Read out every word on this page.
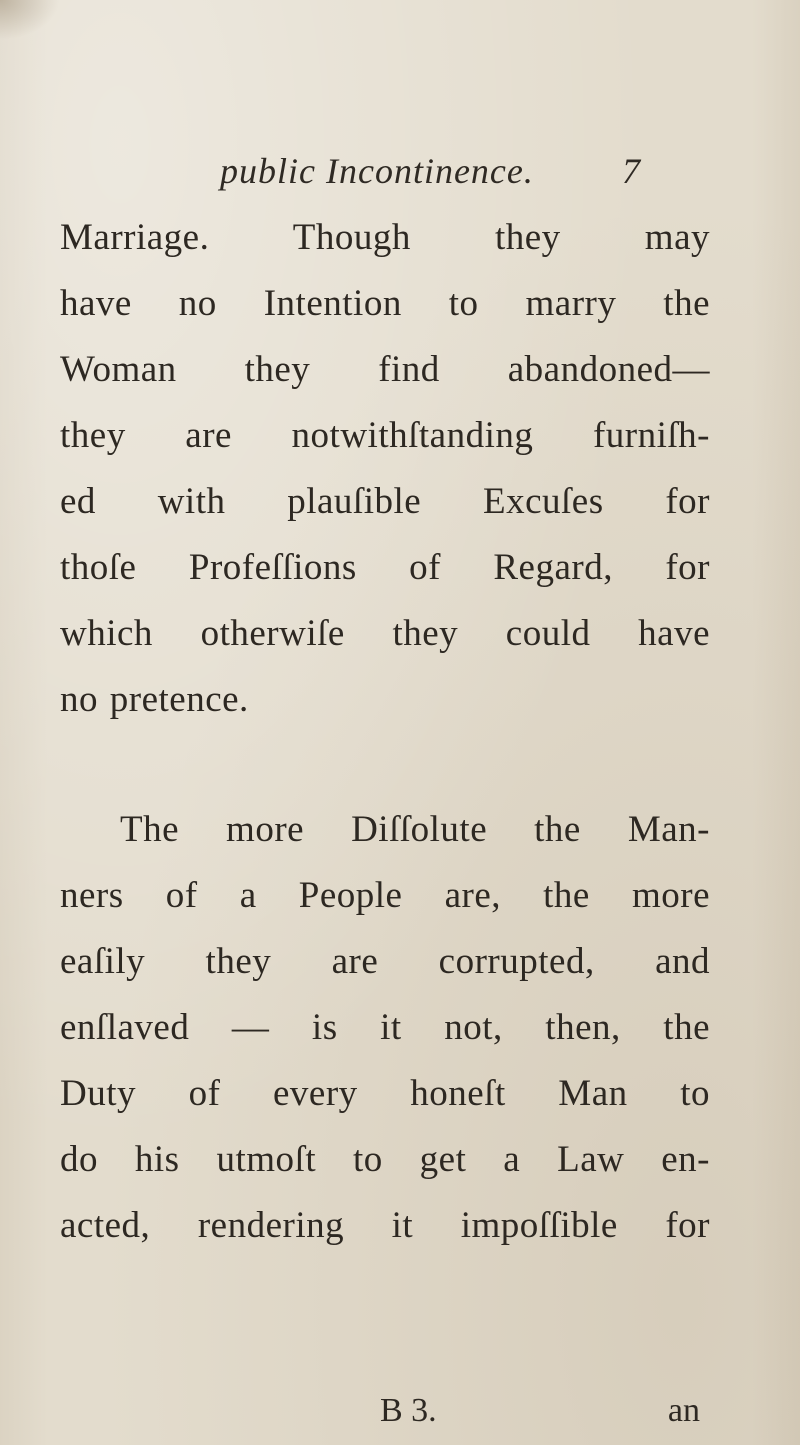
public Incontinence. 7
Marriage. Though they may
have no Intention to marry the
Woman they find abandoned—
they are notwithſtanding furniſh-
ed with plauſible Excuſes for
thoſe Profeſſions of Regard, for
which otherwiſe they could have
no pretence.
The more Diſſolute the Man-
ners of a People are, the more
eaſily they are corrupted, and
enſlaved — is it not, then, the
Duty of every honeſt Man to
do his utmoſt to get a Law en-
acted, rendering it impoſſible for
B 3.	an
